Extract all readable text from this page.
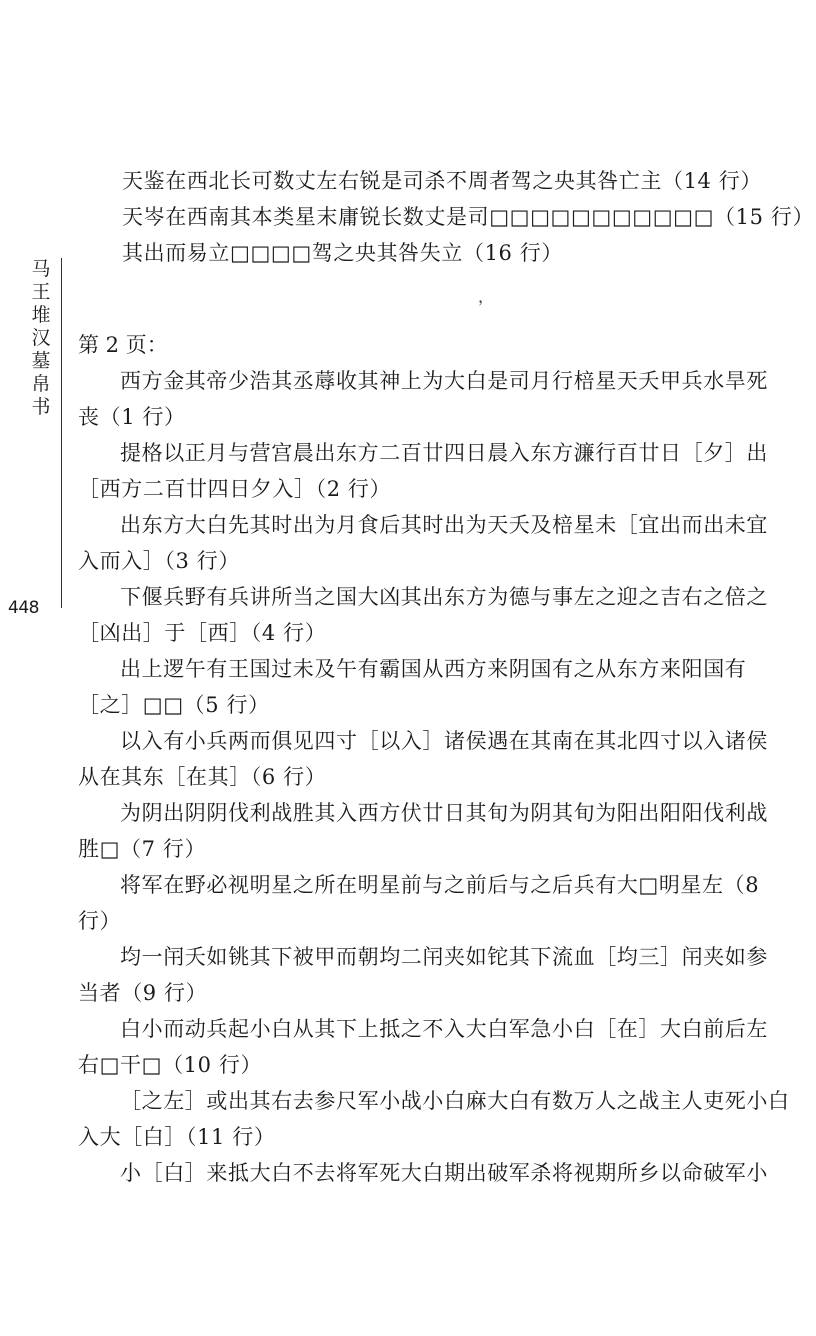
马王堆汉墓帛书
448
，
天鉴在西北长可数丈左右锐是司杀不周者驾之央其咎亡主（14 行）
天岑在西南其本类星末庸锐长数丈是司□□□□□□□□□□□（15 行）
其出而易立□□□□驾之央其咎失立（16 行）
第 2 页：
西方金其帝少浩其丞蓐收其神上为大白是司月行棓星天夭甲兵水旱死
丧（1 行）
提格以正月与营宫晨出东方二百廿四日晨入东方濂行百廿日［夕］出
［西方二百廿四日夕入］（2 行）
出东方大白先其时出为月食后其时出为天夭及棓星未［宜出而出未宜
入而入］（3 行）
下偃兵野有兵讲所当之国大凶其出东方为德与事左之迎之吉右之倍之
［凶出］于［西］（4 行）
出上逻午有王国过未及午有霸国从西方来阴国有之从东方来阳国有
［之］□□（5 行）
以入有小兵两而俱见四寸［以入］诸侯遇在其南在其北四寸以入诸侯
从在其东［在其］（6 行）
为阴出阴阴伐利战胜其入西方伏廿日其旬为阴其旬为阳出阳阳伐利战
胜□（7 行）
将军在野必视明星之所在明星前与之前后与之后兵有大□明星左（8
行）
均一闬夭如铫其下被甲而朝均二闬夹如铊其下流血［均三］闬夹如参
当者（9 行）
白小而动兵起小白从其下上抵之不入大白军急小白［在］大白前后左
右□干□（10 行）
［之左］或出其右去参尺军小战小白麻大白有数万人之战主人吏死小白
入大［白］（11 行）
小［白］来抵大白不去将军死大白期出破军杀将视期所乡以命破军小
